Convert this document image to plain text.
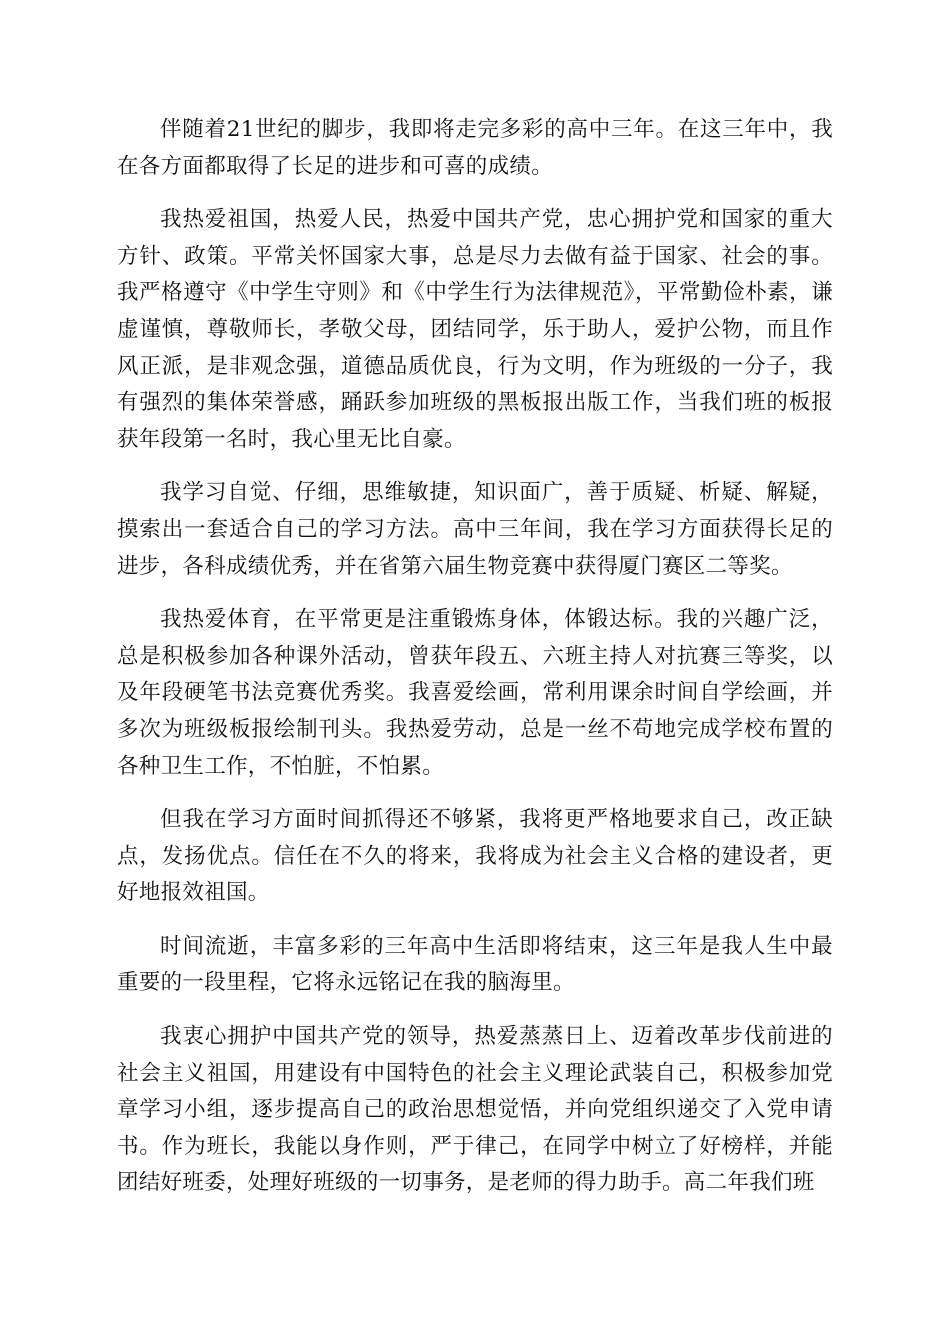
伴随着21世纪的脚步，我即将走完多彩的高中三年。在这三年中，我在各方面都取得了长足的进步和可喜的成绩。

我热爱祖国，热爱人民，热爱中国共产党，忠心拥护党和国家的重大方针、政策。平常关怀国家大事，总是尽力去做有益于国家、社会的事。我严格遵守《中学生守则》和《中学生行为法律规范》，平常勤俭朴素，谦虚谨慎，尊敬师长，孝敬父母，团结同学，乐于助人，爱护公物，而且作风正派，是非观念强，道德品质优良，行为文明，作为班级的一分子，我有强烈的集体荣誉感，踊跃参加班级的黑板报出版工作，当我们班的板报获年段第一名时，我心里无比自豪。

我学习自觉、仔细，思维敏捷，知识面广，善于质疑、析疑、解疑，摸索出一套适合自己的学习方法。高中三年间，我在学习方面获得长足的进步，各科成绩优秀，并在省第六届生物竞赛中获得厦门赛区二等奖。

我热爱体育，在平常更是注重锻炼身体，体锻达标。我的兴趣广泛，总是积极参加各种课外活动，曾获年段五、六班主持人对抗赛三等奖，以及年段硬笔书法竞赛优秀奖。我喜爱绘画，常利用课余时间自学绘画，并多次为班级板报绘制刊头。我热爱劳动，总是一丝不苟地完成学校布置的各种卫生工作，不怕脏，不怕累。

但我在学习方面时间抓得还不够紧，我将更严格地要求自己，改正缺点，发扬优点。信任在不久的将来，我将成为社会主义合格的建设者，更好地报效祖国。

时间流逝，丰富多彩的三年高中生活即将结束，这三年是我人生中最重要的一段里程，它将永远铭记在我的脑海里。

我衷心拥护中国共产党的领导，热爱蒸蒸日上、迈着改革步伐前进的社会主义祖国，用建设有中国特色的社会主义理论武装自己，积极参加党章学习小组，逐步提高自己的政治思想觉悟，并向党组织递交了入党申请书。作为班长，我能以身作则，严于律己，在同学中树立了好榜样，并能团结好班委，处理好班级的一切事务，是老师的得力助手。高二年我们班
